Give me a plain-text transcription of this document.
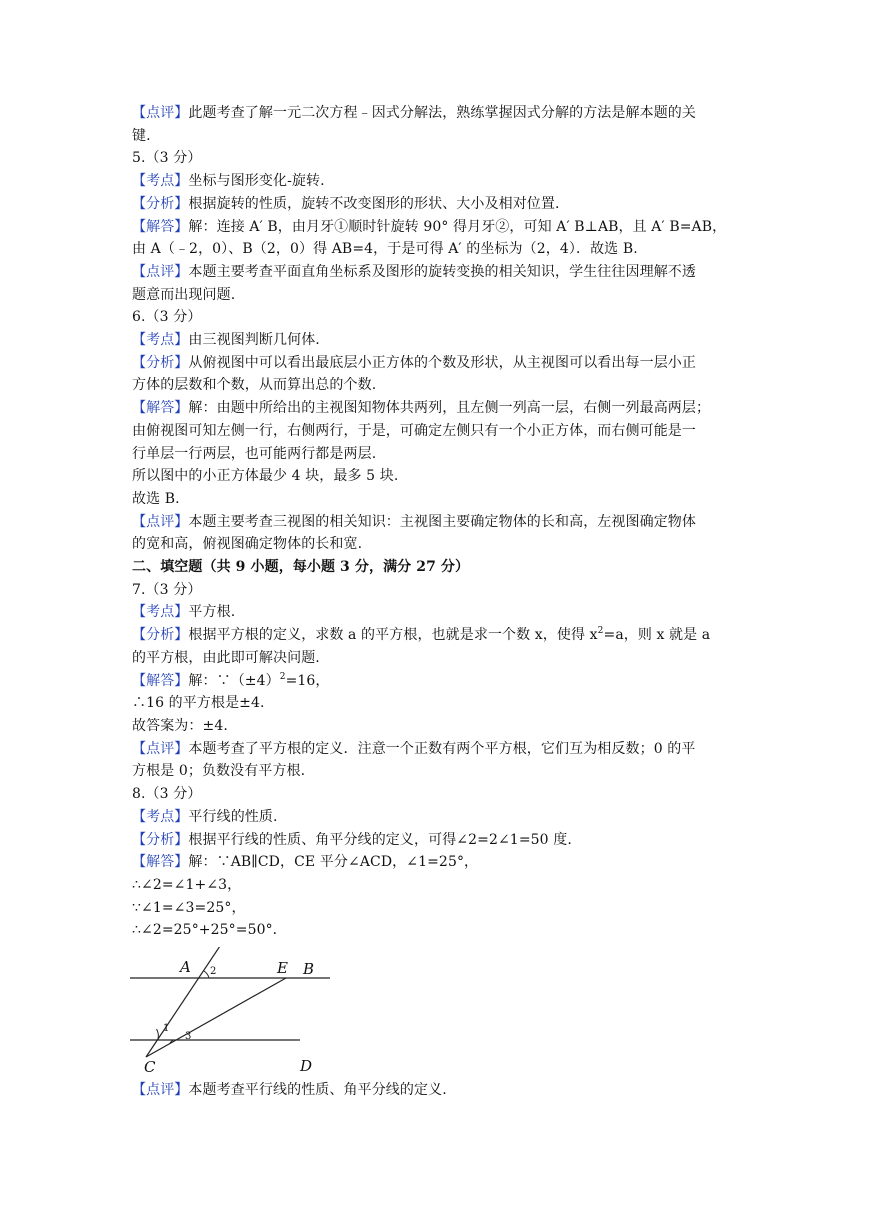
【点评】此题考查了解一元二次方程﹣因式分解法，熟练掌握因式分解的方法是解本题的关
键.
5.（3 分）
【考点】坐标与图形变化-旋转.
【分析】根据旋转的性质，旋转不改变图形的形状、大小及相对位置.
【解答】解：连接 A′ B，由月牙①顺时针旋转 90° 得月牙②，可知 A′ B⊥AB，且 A′ B=AB，
由 A（﹣2，0）、B（2，0）得 AB=4，于是可得 A′ 的坐标为（2，4）．故选 B.
【点评】本题主要考查平面直角坐标系及图形的旋转变换的相关知识，学生往往因理解不透
题意而出现问题.
6.（3 分）
【考点】由三视图判断几何体.
【分析】从俯视图中可以看出最底层小正方体的个数及形状，从主视图可以看出每一层小正
方体的层数和个数，从而算出总的个数.
【解答】解：由题中所给出的主视图知物体共两列，且左侧一列高一层，右侧一列最高两层；
由俯视图可知左侧一行，右侧两行，于是，可确定左侧只有一个小正方体，而右侧可能是一
行单层一行两层，也可能两行都是两层.
所以图中的小正方体最少 4 块，最多 5 块.
故选 B.
【点评】本题主要考查三视图的相关知识：主视图主要确定物体的长和高，左视图确定物体
的宽和高，俯视图确定物体的长和宽.
二、填空题（共 9 小题，每小题 3 分，满分 27 分）
7.（3 分）
【考点】平方根.
【分析】根据平方根的定义，求数 a 的平方根，也就是求一个数 x，使得 $x^2=a$，则 x 就是 a
的平方根，由此即可解决问题.
【解答】解：$\because(\pm 4)^2=16$，
∴16 的平方根是±4.
故答案为：±4.
【点评】本题考查了平方根的定义．注意一个正数有两个平方根，它们互为相反数；0 的平
方根是 0；负数没有平方根.
8.（3 分）
【考点】平行线的性质.
【分析】根据平行线的性质、角平分线的定义，可得∠2=2∠1=50 度.
【解答】解：∵AB∥CD，CE 平分∠ACD，∠1=25°，
∴∠2=∠1+∠3，
∵∠1=∠3=25°，
∴∠2=25°+25°=50°．
A 2	E B
1
3
C	D
【点评】本题考查平行线的性质、角平分线的定义.
